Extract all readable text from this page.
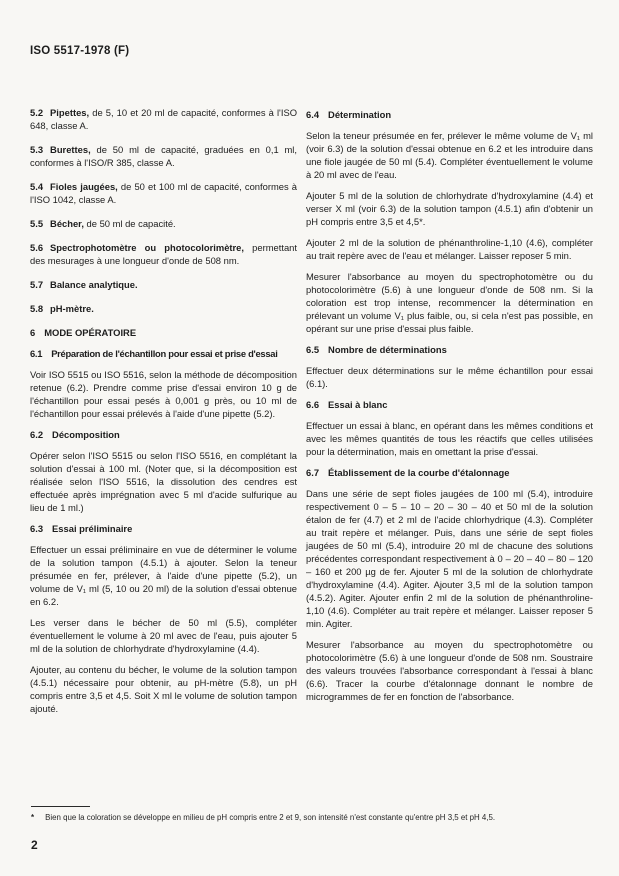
ISO 5517-1978 (F)

5.2 Pipettes, de 5, 10 et 20 ml de capacité, conformes à l'ISO 648, classe A.

5.3 Burettes, de 50 ml de capacité, graduées en 0,1 ml, conformes à l'ISO/R 385, classe A.

5.4 Fioles jaugées, de 50 et 100 ml de capacité, conformes à l'ISO 1042, classe A.

5.5 Bécher, de 50 ml de capacité.

5.6 Spectrophotomètre ou photocolorimètre, permettant des mesurages à une longueur d'onde de 508 nm.

5.7 Balance analytique.

5.8 pH-mètre.

6 MODE OPÉRATOIRE

6.1 Préparation de l'échantillon pour essai et prise d'essai

Voir ISO 5515 ou ISO 5516, selon la méthode de décomposition retenue (6.2). Prendre comme prise d'essai environ 10 g de l'échantillon pour essai pesés à 0,001 g près, ou 10 ml de l'échantillon pour essai prélevés à l'aide d'une pipette (5.2).

6.2 Décomposition

Opérer selon l'ISO 5515 ou selon l'ISO 5516, en complétant la solution d'essai à 100 ml. (Noter que, si la décomposition est réalisée selon l'ISO 5516, la dissolution des cendres est effectuée après imprégnation avec 5 ml d'acide sulfurique au lieu de 1 ml.)

6.3 Essai préliminaire

Effectuer un essai préliminaire en vue de déterminer le volume de la solution tampon (4.5.1) à ajouter. Selon la teneur présumée en fer, prélever, à l'aide d'une pipette (5.2), un volume de V₁ ml (5, 10 ou 20 ml) de la solution d'essai obtenue en 6.2.

Les verser dans le bécher de 50 ml (5.5), compléter éventuellement le volume à 20 ml avec de l'eau, puis ajouter 5 ml de la solution de chlorhydrate d'hydroxylamine (4.4).

Ajouter, au contenu du bécher, le volume de la solution tampon (4.5.1) nécessaire pour obtenir, au pH-mètre (5.8), un pH compris entre 3,5 et 4,5. Soit X ml le volume de solution tampon ajouté.

6.4 Détermination

Selon la teneur présumée en fer, prélever le même volume de V₁ ml (voir 6.3) de la solution d'essai obtenue en 6.2 et les introduire dans une fiole jaugée de 50 ml (5.4). Compléter éventuellement le volume à 20 ml avec de l'eau.

Ajouter 5 ml de la solution de chlorhydrate d'hydroxylamine (4.4) et verser X ml (voir 6.3) de la solution tampon (4.5.1) afin d'obtenir un pH compris entre 3,5 et 4,5*.

Ajouter 2 ml de la solution de phénanthroline-1,10 (4.6), compléter au trait repère avec de l'eau et mélanger. Laisser reposer 5 min.

Mesurer l'absorbance au moyen du spectrophotomètre ou du photocolorimètre (5.6) à une longueur d'onde de 508 nm. Si la coloration est trop intense, recommencer la détermination en prélevant un volume V₁ plus faible, ou, si cela n'est pas possible, en opérant sur une prise d'essai plus faible.

6.5 Nombre de déterminations

Effectuer deux déterminations sur le même échantillon pour essai (6.1).

6.6 Essai à blanc

Effectuer un essai à blanc, en opérant dans les mêmes conditions et avec les mêmes quantités de tous les réactifs que celles utilisées pour la détermination, mais en omettant la prise d'essai.

6.7 Établissement de la courbe d'étalonnage

Dans une série de sept fioles jaugées de 100 ml (5.4), introduire respectivement 0 – 5 – 10 – 20 – 30 – 40 et 50 ml de la solution étalon de fer (4.7) et 2 ml de l'acide chlorhydrique (4.3). Compléter au trait repère et mélanger. Puis, dans une série de sept fioles jaugées de 50 ml (5.4), introduire 20 ml de chacune des solutions précédentes correspondant respectivement à 0 – 20 – 40 – 80 – 120 – 160 et 200 µg de fer. Ajouter 5 ml de la solution de chlorhydrate d'hydroxylamine (4.4). Agiter. Ajouter 3,5 ml de la solution tampon (4.5.2). Agiter. Ajouter enfin 2 ml de la solution de phénanthroline-1,10 (4.6). Compléter au trait repère et mélanger. Laisser reposer 5 min. Agiter.

Mesurer l'absorbance au moyen du spectrophotomètre ou photocolorimètre (5.6) à une longueur d'onde de 508 nm. Soustraire des valeurs trouvées l'absorbance correspondant à l'essai à blanc (6.6). Tracer la courbe d'étalonnage donnant le nombre de microgrammes de fer en fonction de l'absorbance.

* Bien que la coloration se développe en milieu de pH compris entre 2 et 9, son intensité n'est constante qu'entre pH 3,5 et pH 4,5.
2
